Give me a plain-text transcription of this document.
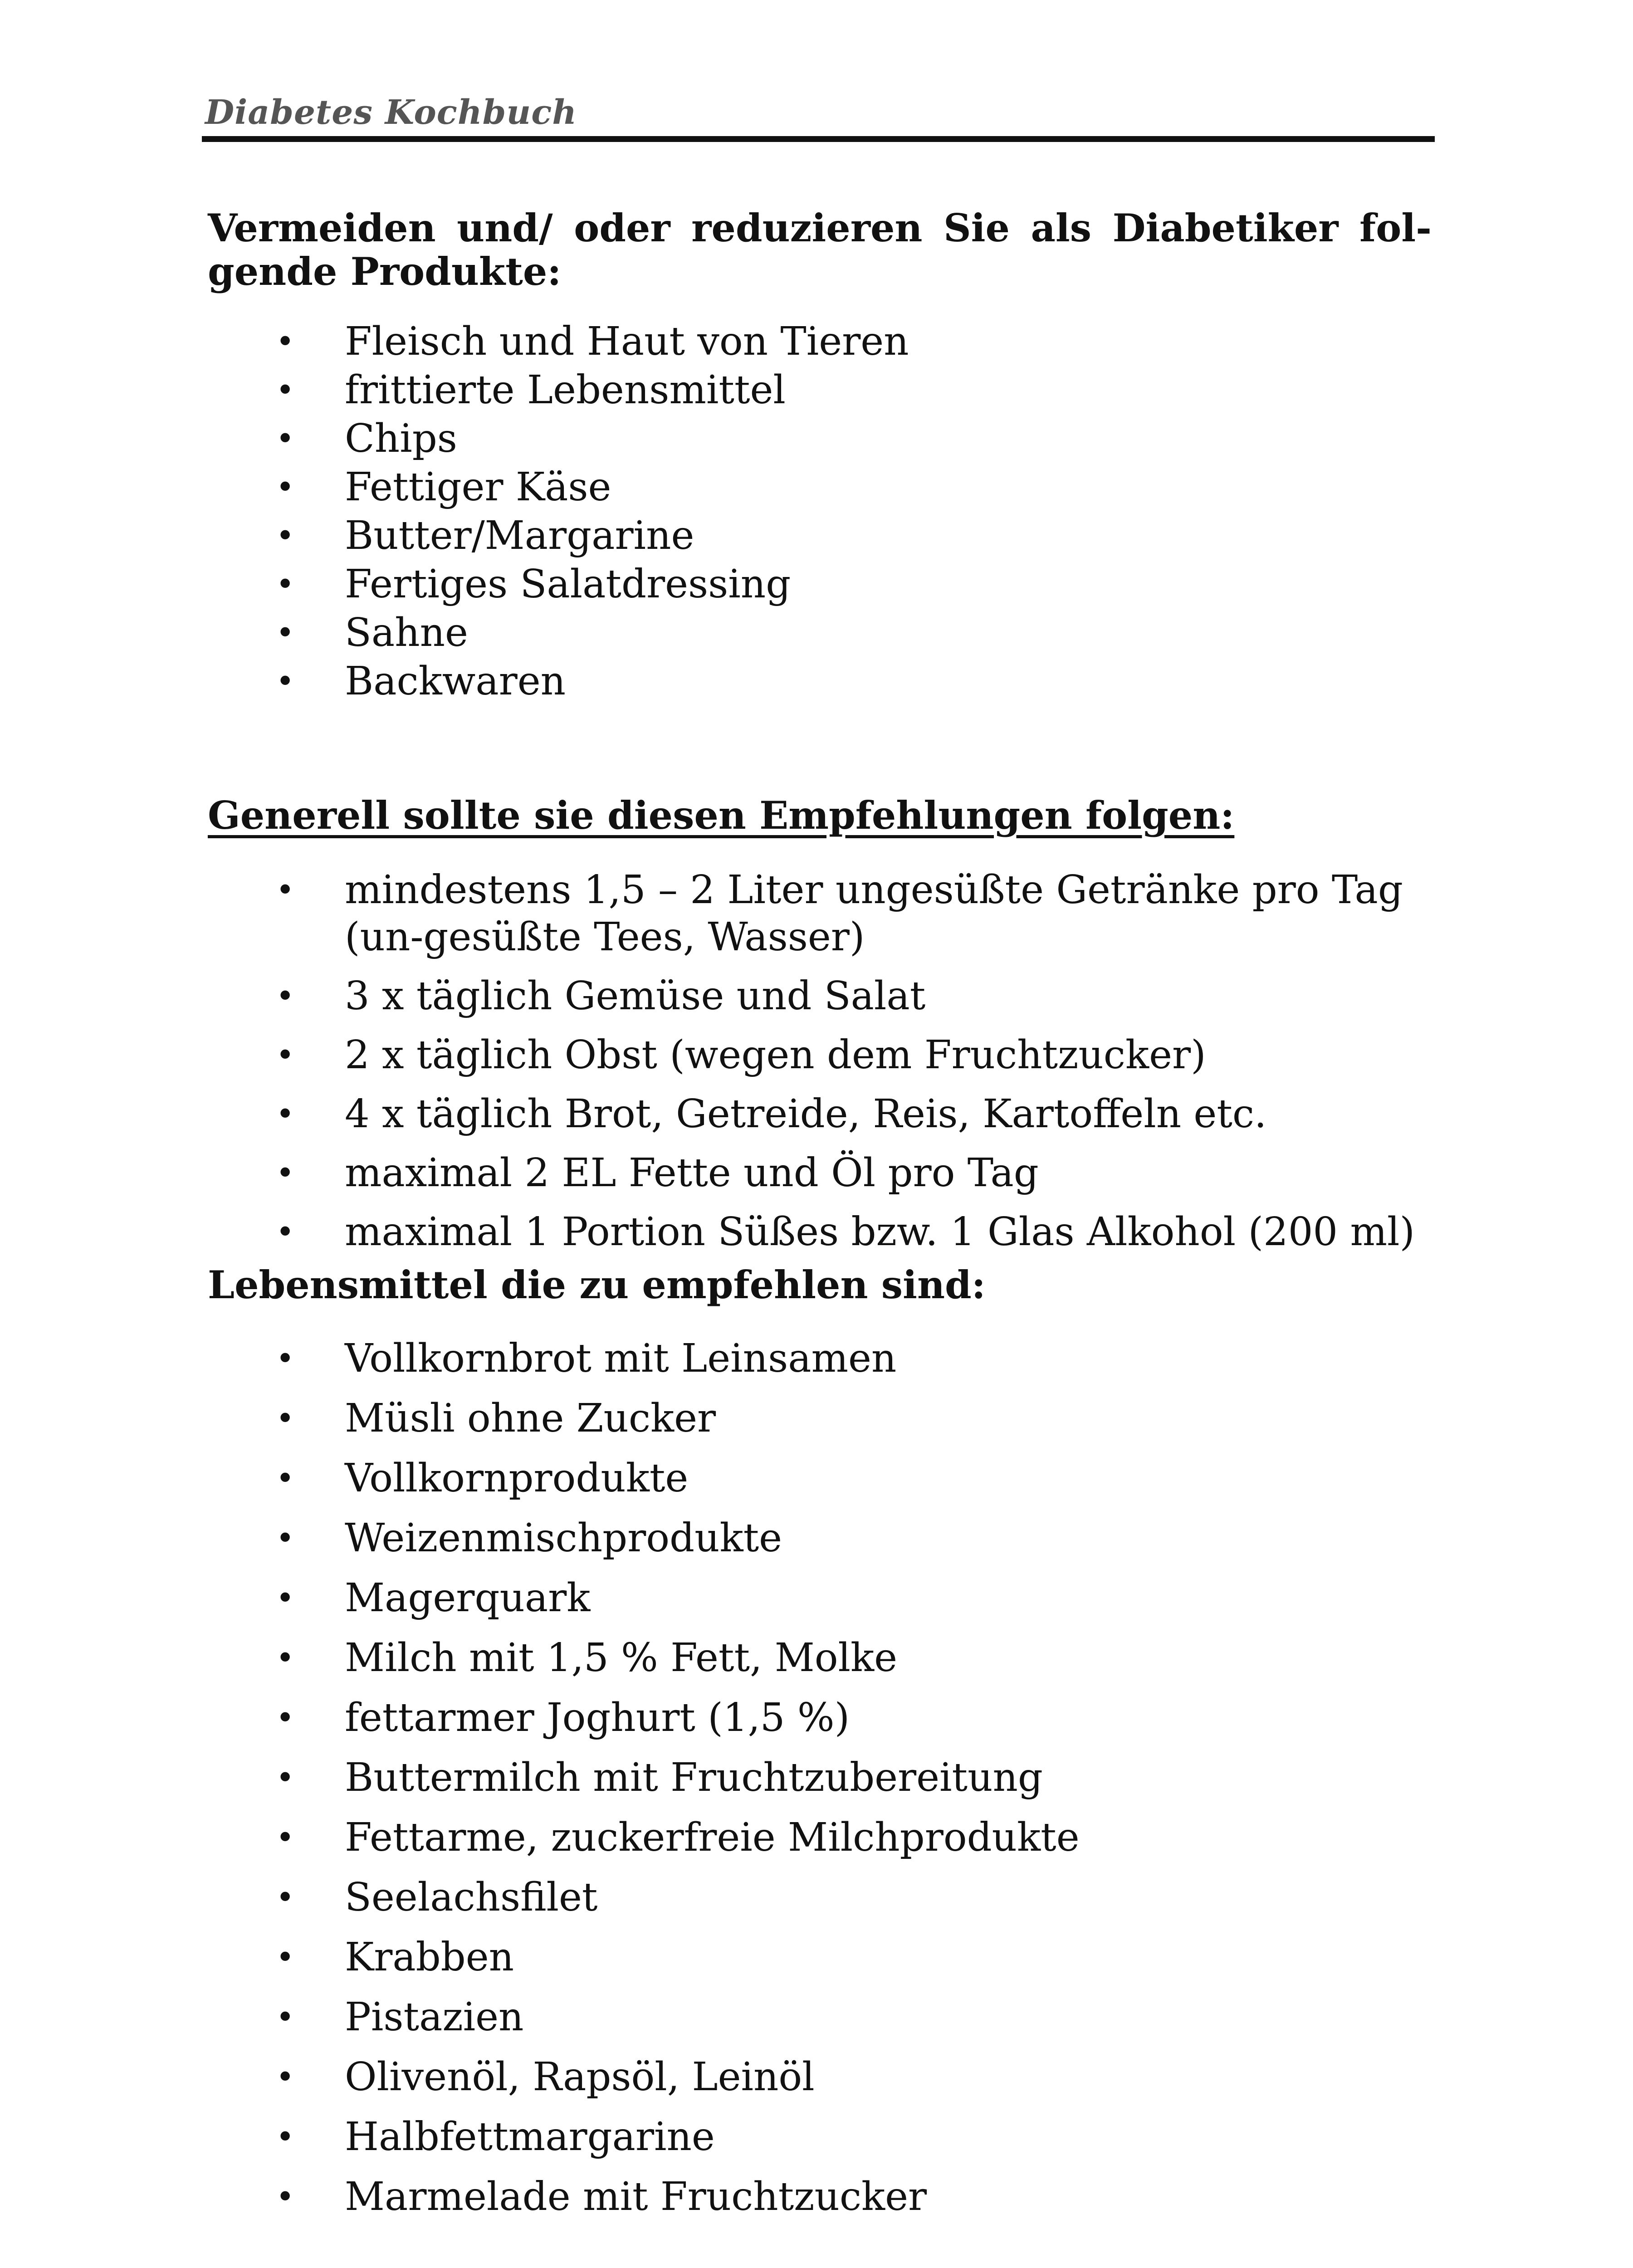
Diabetes Kochbuch
Vermeiden und/ oder reduzieren Sie als Diabetiker fol-
gende Produkte:
• Fleisch und Haut von Tieren
• frittierte Lebensmittel
• Chips
• Fettiger Käse
• Butter/Margarine
• Fertiges Salatdressing
• Sahne
• Backwaren
Generell sollte sie diesen Empfehlungen folgen:
• mindestens 1,5 – 2 Liter ungesüßte Getränke pro Tag (un-gesüßte Tees, Wasser)
• 3 x täglich Gemüse und Salat
• 2 x täglich Obst (wegen dem Fruchtzucker)
• 4 x täglich Brot, Getreide, Reis, Kartoffeln etc.
• maximal 2 EL Fette und Öl pro Tag
• maximal 1 Portion Süßes bzw. 1 Glas Alkohol (200 ml)
Lebensmittel die zu empfehlen sind:
• Vollkornbrot mit Leinsamen
• Müsli ohne Zucker
• Vollkornprodukte
• Weizenmischprodukte
• Magerquark
• Milch mit 1,5 % Fett, Molke
• fettarmer Joghurt (1,5 %)
• Buttermilch mit Fruchtzubereitung
• Fettarme, zuckerfreie Milchprodukte
• Seelachsfilet
• Krabben
• Pistazien
• Olivenöl, Rapsöl, Leinöl
• Halbfettmargarine
• Marmelade mit Fruchtzucker
